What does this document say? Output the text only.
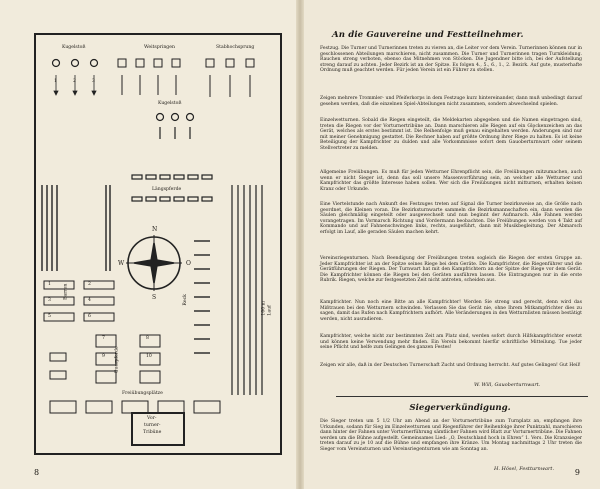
Kugelstoß	Weitspringen	Stabhochsprung
Kugelstoß
Längspferde
N
S
W	O
Barren	Reck
100 m Lauf
Querpferde
Freiübungsplätze
Vor-
turner-
Tribüne
1	2	3
1	2
3	4
5	6
7	8
9	10
8
An die Gauvereine und Festteilnehmer.
Festzug. Die Turner und Turnerinnen treten zu vieren an, die Leiter vor dem Verein. Turnerinnen können nur in geschlossenen Abteilungen marschieren, nicht zusammen. Die Turner und Turnerinnen tragen Turnkleidung. Rauchen streng verboten, ebenso das Mitnehmen von Stöcken. Die Jugendner bitte ich, bei der Aufstellung streng darauf zu achten. Jeder Bezirk ist an der Spitze. Es folgen 4., 5., 6., 1., 2. Bezirk. Auf gute, musterhafte Ordnung muß geachtet werden. Für jeden Verein ist ein Führer zu stellen.
Zeigen mehrere Trommler- und Pfeiferkorps in dem Festzuge kurz hintereinander, dann muß unbedingt darauf gesehen werden, daß die einzelnen Spiel-Abteilungen nicht zusammen, sondern abwechselnd spielen.
Einzelwetturnen. Sobald die Riegen eingeteilt, die Meldekarten abgegeben und die Namen eingetragen sind, treten die Riegen vor der Vorturnertribüne an. Dann marschieren alle Riegen auf ein Glockenzeichen an das Gerät, welches als erstes bestimmt ist. Die Reihenfolge muß genau eingehalten werden. Änderungen sind nur mit meiner Genehmigung gestattet. Die Rechner haben auf größte Ordnung ihrer Riege zu halten. Es ist keine Beteiligung der Kampfrichter zu dulden und alle Vorkommnisse sofort dem Gauoberturnwart oder seinem Stellvertreter zu melden.
Allgemeine Freiübungen. Es muß für jeden Wetturner Ehrenpflicht sein, die Freiübungen mitzumachen, auch wenn er nicht Sieger ist, denn das soll unsere Massenvorführung sein, an welcher alle Wetturner und Kampfrichter das größte Interesse haben sollen. Wer sich die Freiübungen nicht mitturnen, erhalten keinen Kranz oder Urkunde.
Eine Viertelstunde nach Ankunft des Festzuges treten auf Signal die Turner bezirksweise an, die Größe nach geordnet, die Kleinen voran. Die Bezirksturnwarte sammeln die Bezirksmannschaften ein, dann werden die Säulen gleichmäßig eingeteilt oder ausgewechselt und nun beginnt der Aufmarsch. Alle Fahnen werden vorangetragen. Im Vormarsch Richtung und Vordermann beobachten. Die Freiübungen werden von 4 Takt auf Kommando und auf Fahnenschwingen links, rechts, ausgeführt, dann mit Musikbegleitung. Der Abmarsch erfolgt im Lauf, alle geraden Säulen machen kehrt.
Vereinsriegenturnen. Nach Beendigung der Freiübungen treten sogleich die Riegen der ersten Gruppe an. Jeder Kampfrichter ist an der Spitze seines Riege bei dem Geräte. Die Kampfrichter, die Riegenführer und die Gerätführungen der Riegen. Der Turnwart hat mit den Kampfrichtern an der Spitze der Riege vor dem Gerät. Die Kampfrichter können die Riegen bei den Geräten ausführen lassen. Die Eintragungen nur in die erste Rubrik. Riegen, welche zur festgesetzten Zeit nicht antreten, scheiden aus.
Kampfrichter. Nun noch eine Bitte an alle Kampfrichter! Werden Sie streng und gerecht, denn wird das Mißtrauen bei den Wetturnern schwinden. Verlassen Sie das Gerät nie, ohne Ihrem Mitkampfrichter dies zu sagen, damit das Rufen nach Kampfrichtern aufhört. Alle Veränderungen in den Wetturnlisten müssen bestätigt werden, nicht ausradieren.
Kampfrichter, welche nicht zur bestimmten Zeit am Platz sind, werden sofort durch Hilfskampfrichter ersetzt und können keine Verwendung mehr finden. Ein Verein bekommt hierfür schriftliche Mitteilung. Tue jeder seine Pflicht und helfe zum Gelingen des ganzen Festes!
Zeigen wir alle, daß in der Deutschen Turnerschaft Zucht und Ordnung herrscht. Auf gutes Gelingen! Gut Heil!
W. Will, Gauoberturnwart.
Siegerverkündigung.
Die Sieger treten um 5 1/2 Uhr am Abend an der Vorturnertribüne zum Turnplatz an, empfangen ihre Urkunden, sodann für Sieg im Einzelwetturnen und Riegenführer der Reihenfolge ihrer Punktzahl, marschieren dann hinter der Fahnen unter Vorturnerführung sämtlicher Fahnen wird Blatt zur Vorturnertribüne. Die Fahnen werden um die Bühne aufgestellt. Gemeinsames Lied: „O, Deutschland hoch in Ehren“ 1. Vers. Die Kranzsieger treten darauf zu je 10 auf die Bühne und empfangen ihre Kränze. Um Montag nachmittags 2 Uhr treten die Sieger vom Vereinsturnen und Vereinsriegenturnen wie am Sonntag an.
H. Hösel, Festturnwart.	9
